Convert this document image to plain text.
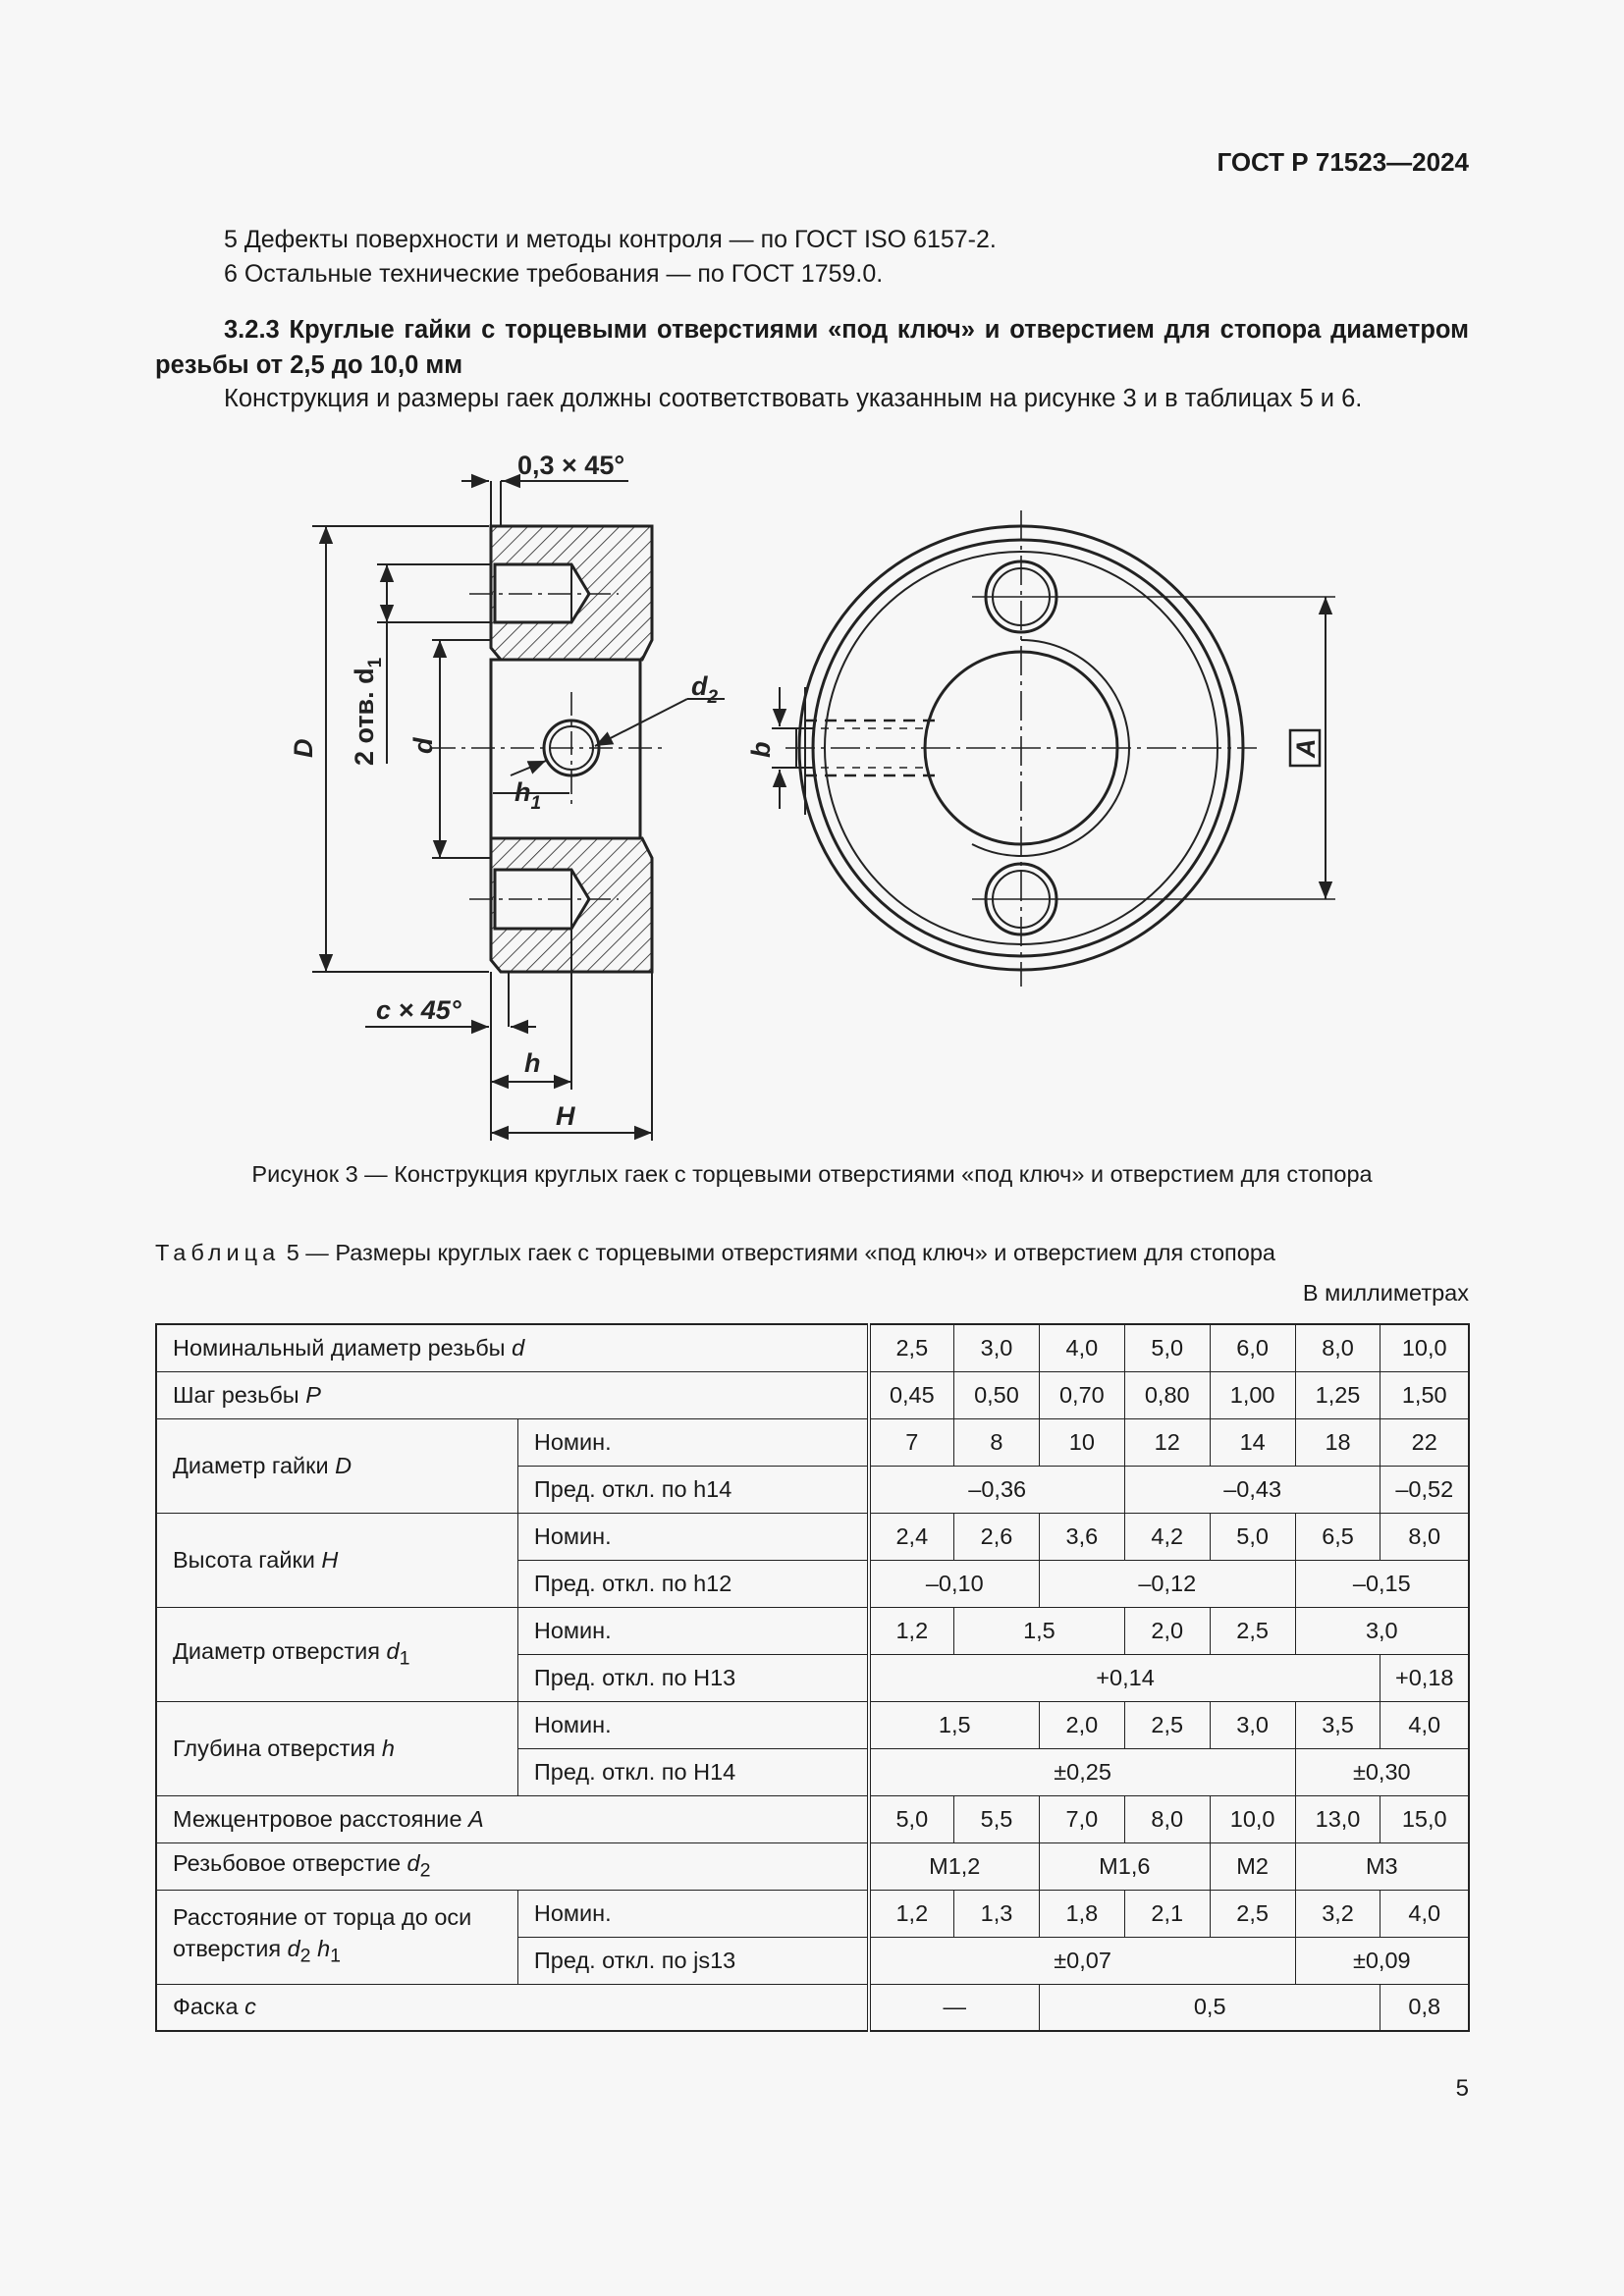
ГОСТ Р 71523—2024
5 Дефекты поверхности и методы контроля — по ГОСТ ISO 6157-2.
6 Остальные технические требования — по ГОСТ 1759.0.
3.2.3 Круглые гайки с торцевыми отверстиями «под ключ» и отверстием для стопора диаметром резьбы от 2,5 до 10,0 мм
Конструкция и размеры гаек должны соответствовать указанным на рисунке 3 и в таблицах 5 и 6.
0,3 × 45°
D 2 отв. $d_1$
d
$d_2$
$h_1$
c × 45°
h
H
b	A
Рисунок 3 — Конструкция круглых гаек с торцевыми отверстиями «под ключ» и отверстием для стопора
Таблица 5 — Размеры круглых гаек с торцевыми отверстиями «под ключ» и отверстием для стопора
В миллиметрах
Номинальный диаметр резьбы d		2,5	3,0	4,0	5,0	6,0	8,0	10,0
Шаг резьбы P		0,45	0,50	0,70	0,80	1,00	1,25	1,50
Диаметр гайки D	Номин.	7	8	10	12	14	18	22
	Пред. откл. по h14	–0,36			–0,43			–0,52
Высота гайки H	Номин.	2,4	2,6	3,6	4,2	5,0	6,5	8,0
	Пред. откл. по h12	–0,10		–0,12			–0,15	
Диаметр отверстия $d_1$	Номин.	1,2	1,5		2,0	2,5	3,0	
	Пред. откл. по H13	+0,14						+0,18
Глубина отверстия h	Номин.	1,5		2,0	2,5	3,0	3,5	4,0
	Пред. откл. по H14	±0,25					±0,30	
Межцентровое расстояние A		5,0	5,5	7,0	8,0	10,0	13,0	15,0
Резьбовое отверстие $d_2$		M1,2		M1,6		M2	M3	
Расстояние от торца до оси отверстия $d_2$ $h_1$	Номин.	1,2	1,3	1,8	2,1	2,5	3,2	4,0
	Пред. откл. по js13	±0,07					±0,09	
Фаска c		—		0,5				0,8
5
